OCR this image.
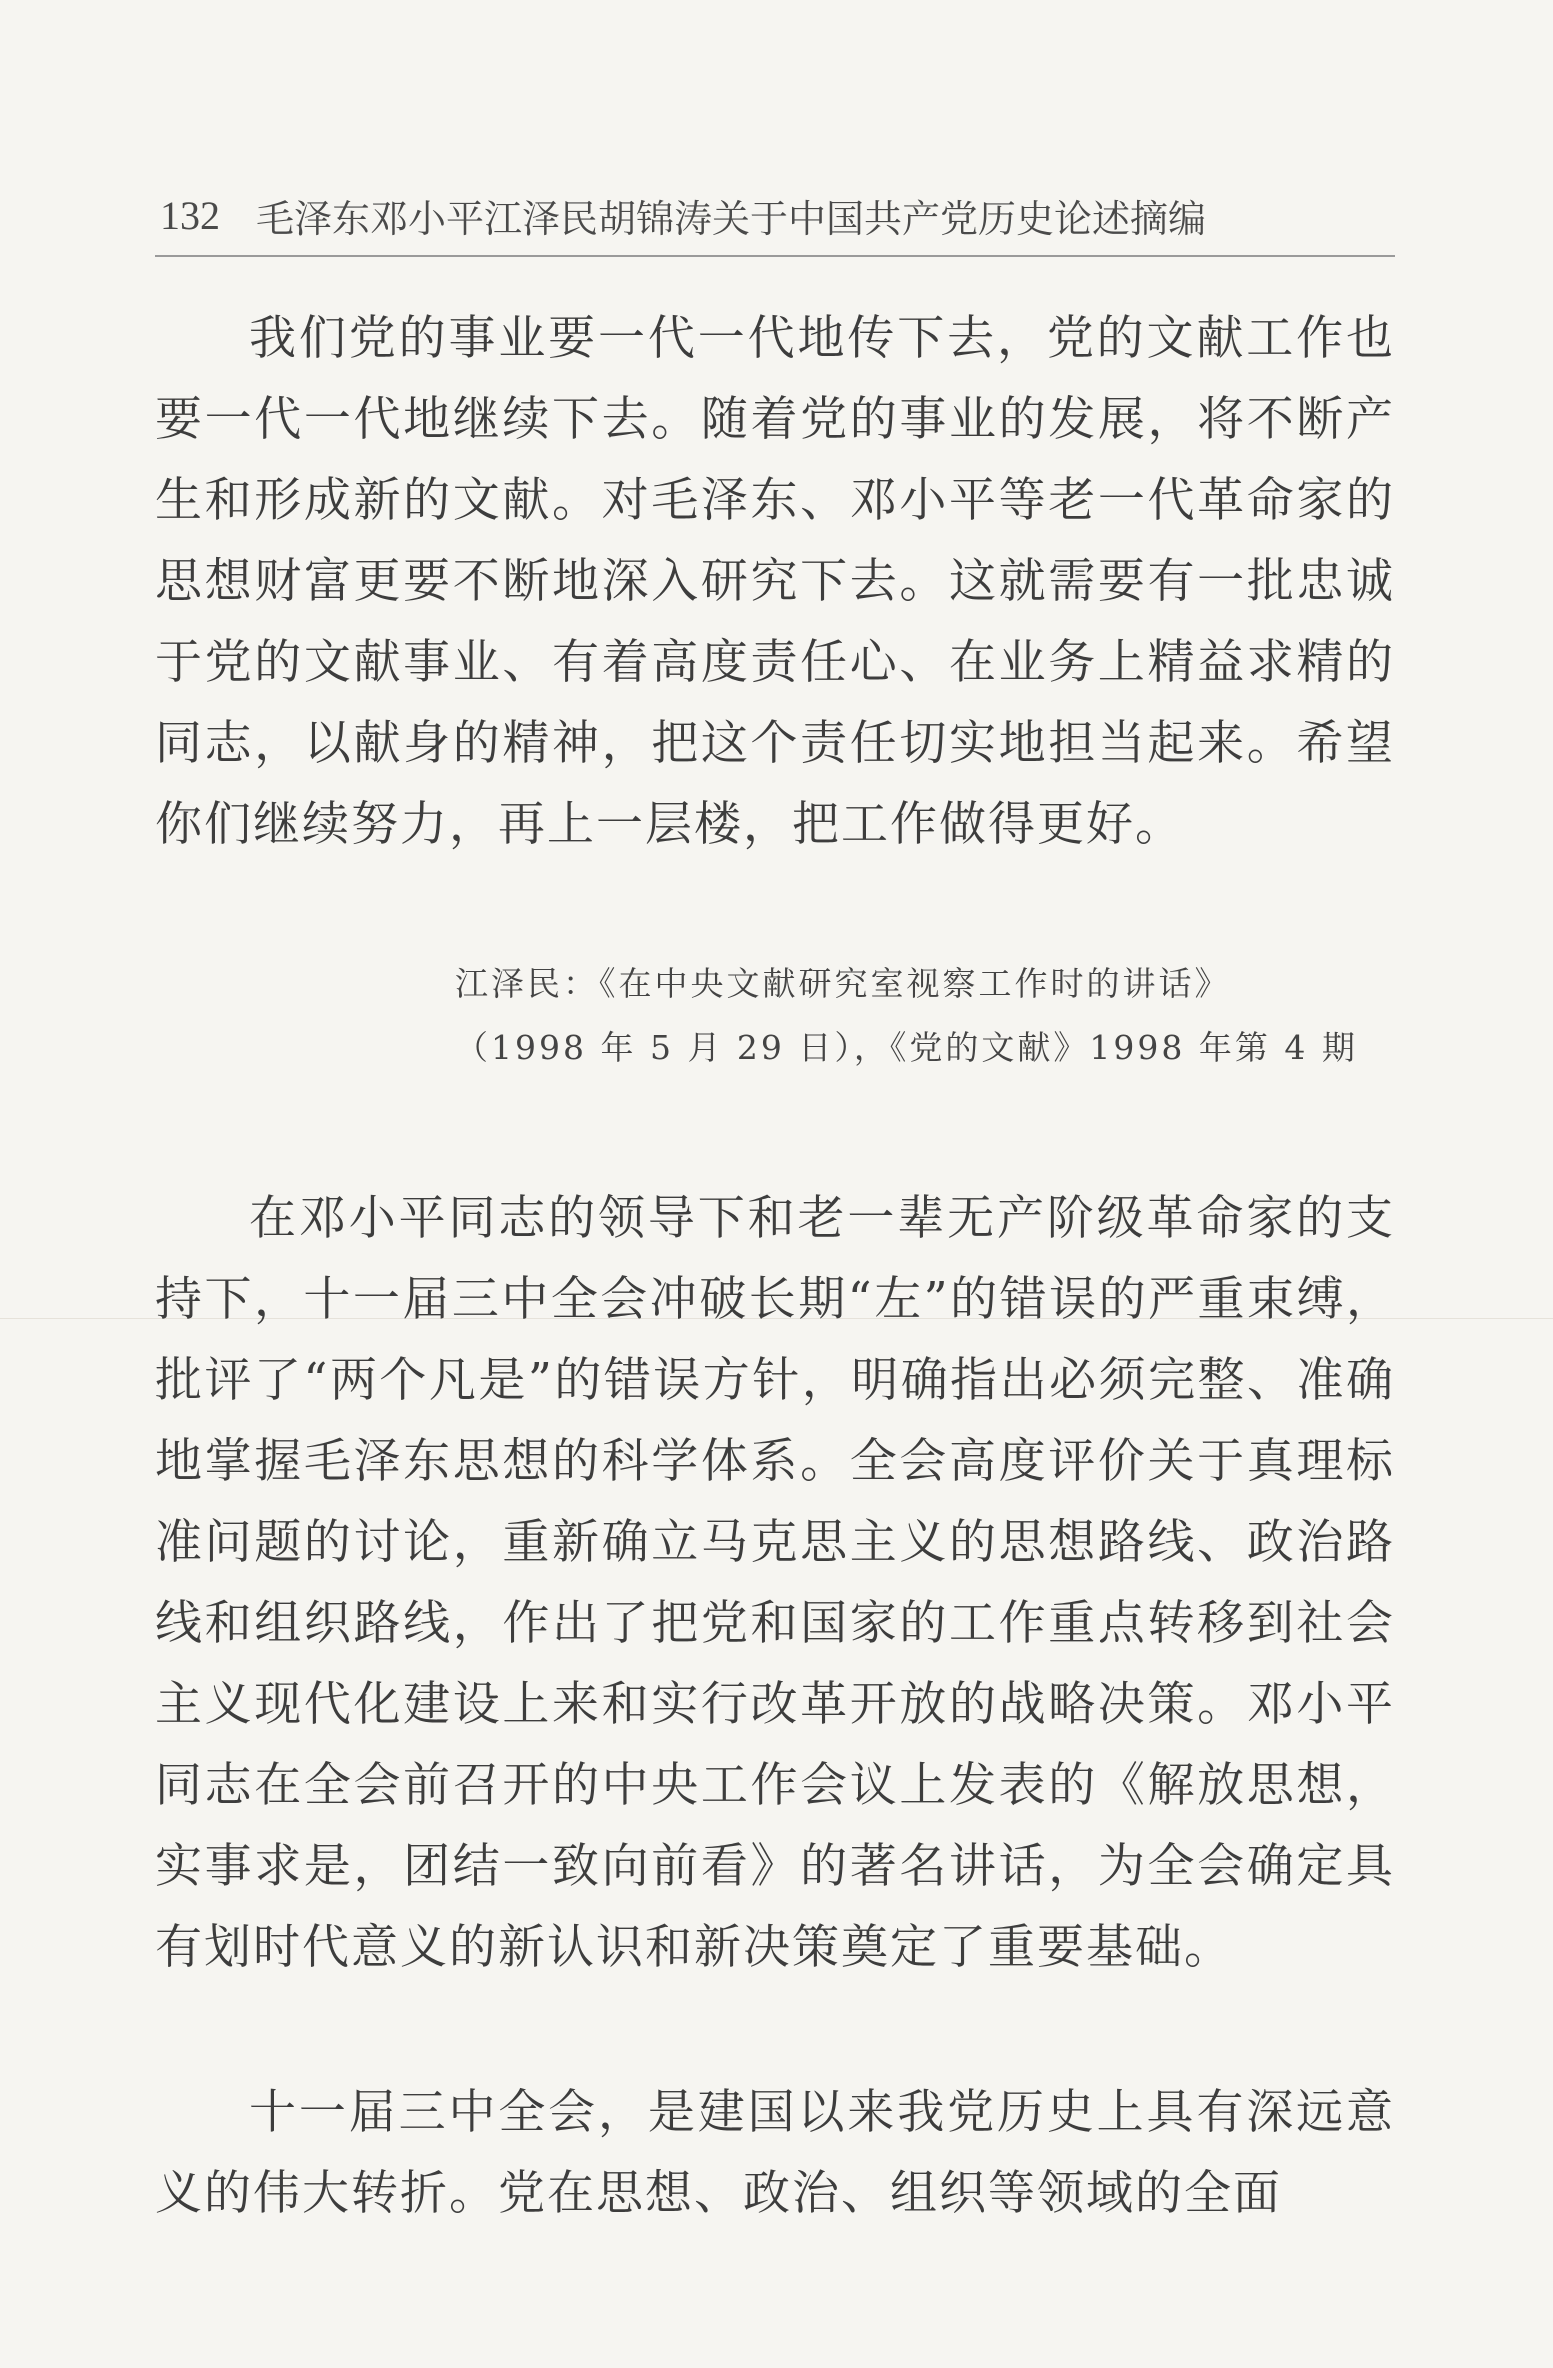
132 毛泽东邓小平江泽民胡锦涛关于中国共产党历史论述摘编

我们党的事业要一代一代地传下去，党的文献工作也要一代一代地继续下去。随着党的事业的发展，将不断产生和形成新的文献。对毛泽东、邓小平等老一代革命家的思想财富更要不断地深入研究下去。这就需要有一批忠诚于党的文献事业、有着高度责任心、在业务上精益求精的同志，以献身的精神，把这个责任切实地担当起来。希望你们继续努力，再上一层楼，把工作做得更好。

江泽民：《在中央文献研究室视察工作时的讲话》
（1998 年 5 月 29 日），《党的文献》1998 年第 4 期

在邓小平同志的领导下和老一辈无产阶级革命家的支持下，十一届三中全会冲破长期“左”的错误的严重束缚，批评了“两个凡是”的错误方针，明确指出必须完整、准确地掌握毛泽东思想的科学体系。全会高度评价关于真理标准问题的讨论，重新确立马克思主义的思想路线、政治路线和组织路线，作出了把党和国家的工作重点转移到社会主义现代化建设上来和实行改革开放的战略决策。邓小平同志在全会前召开的中央工作会议上发表的《解放思想，实事求是，团结一致向前看》的著名讲话，为全会确定具有划时代意义的新认识和新决策奠定了重要基础。

十一届三中全会，是建国以来我党历史上具有深远意义的伟大转折。党在思想、政治、组织等领域的全面
